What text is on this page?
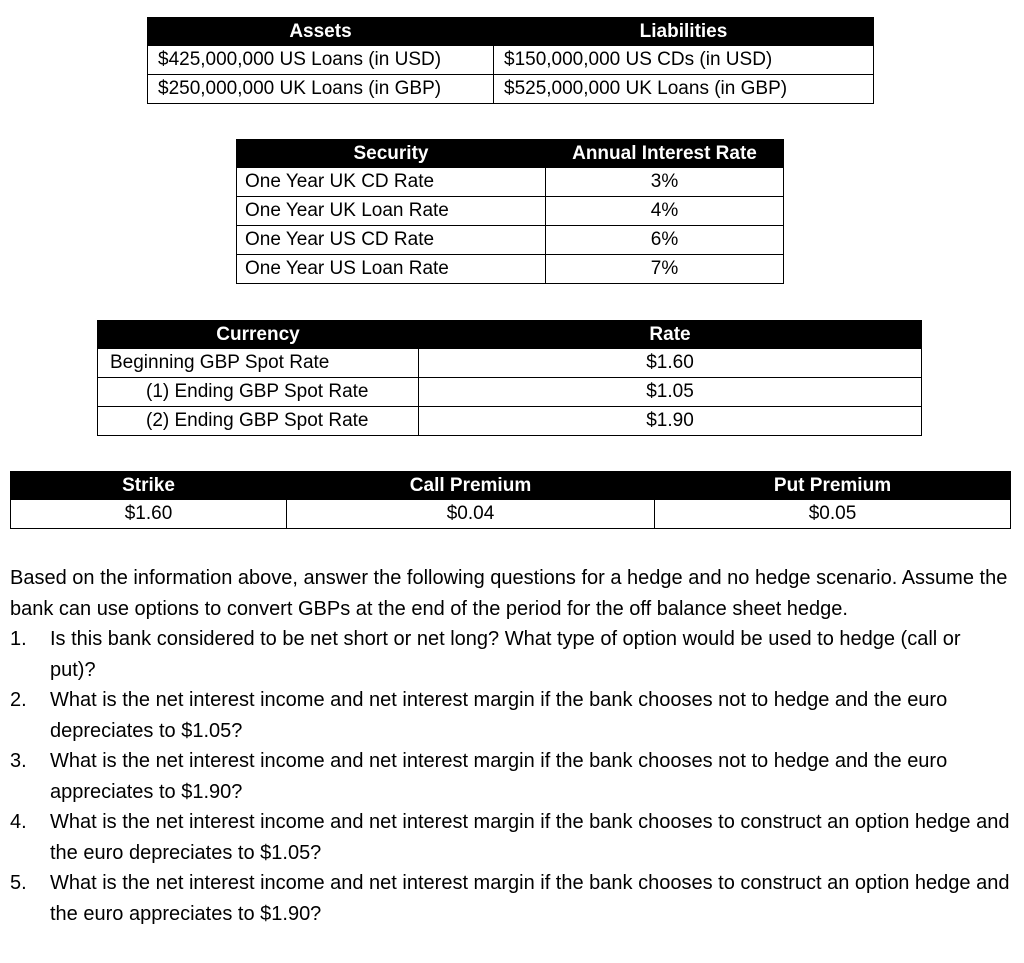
Assets	Liabilities
$425,000,000 US Loans (in USD)	$150,000,000 US CDs (in USD)
$250,000,000 UK Loans (in GBP)	$525,000,000 UK Loans (in GBP)
Security	Annual Interest Rate
One Year UK CD Rate	3%
One Year UK Loan Rate	4%
One Year US CD Rate	6%
One Year US Loan Rate	7%
Currency	Rate
Beginning GBP Spot Rate	$1.60
(1) Ending GBP Spot Rate	$1.05
(2) Ending GBP Spot Rate	$1.90
Strike	Call Premium	Put Premium
$1.60	$0.04	$0.05

Based on the information above, answer the following questions for a hedge and no hedge scenario. Assume the bank can use options to convert GBPs at the end of the period for the off balance sheet hedge.

1. Is this bank considered to be net short or net long? What type of option would be used to hedge (call or put)?
2. What is the net interest income and net interest margin if the bank chooses not to hedge and the euro depreciates to $1.05?
3. What is the net interest income and net interest margin if the bank chooses not to hedge and the euro appreciates to $1.90?
4. What is the net interest income and net interest margin if the bank chooses to construct an option hedge and the euro depreciates to $1.05?
5. What is the net interest income and net interest margin if the bank chooses to construct an option hedge and the euro appreciates to $1.90?
